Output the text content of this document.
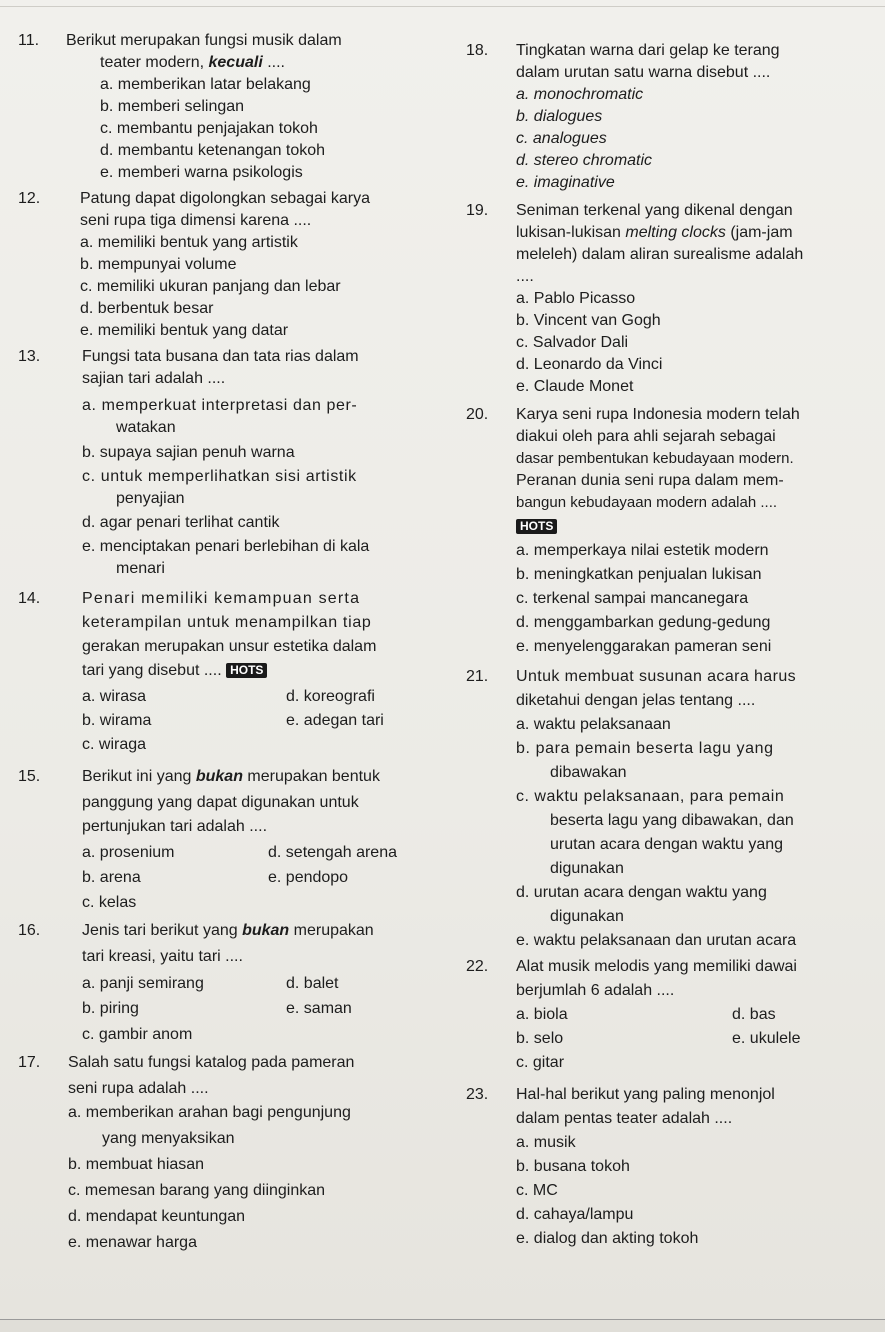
11. Berikut merupakan fungsi musik dalam
teater modern, kecuali ....
a. memberikan latar belakang
b. memberi selingan
c. membantu penjajakan tokoh
d. membantu ketenangan tokoh
e. memberi warna psikologis
12. Patung dapat digolongkan sebagai karya
seni rupa tiga dimensi karena ....
a. memiliki bentuk yang artistik
b. mempunyai volume
c. memiliki ukuran panjang dan lebar
d. berbentuk besar
e. memiliki bentuk yang datar
13.	Fungsi tata busana dan tata rias dalam
sajian tari adalah ....
a. memperkuat interpretasi dan per-
watakan
b. supaya sajian penuh warna
c. untuk memperlihatkan sisi artistik
penyajian
d. agar penari terlihat cantik
e. menciptakan penari berlebihan di kala
menari
14.	Penari memiliki kemampuan serta
keterampilan untuk menampilkan tiap
gerakan merupakan unsur estetika dalam
tari yang disebut .... HOTS
a. wirasa	d. koreografi
b. wirama	e. adegan tari
c. wiraga
15.	Berikut ini yang bukan merupakan bentuk
panggung yang dapat digunakan untuk
pertunjukan tari adalah ....
a. prosenium	d. setengah arena
b. arena	e. pendopo
c. kelas
16.	Jenis tari berikut yang bukan merupakan
tari kreasi, yaitu tari ....
a. panji semirang	d. balet
b. piring	e. saman
c. gambir anom
17. Salah satu fungsi katalog pada pameran
seni rupa adalah ....
a. memberikan arahan bagi pengunjung
yang menyaksikan
b. membuat hiasan
c. memesan barang yang diinginkan
d. mendapat keuntungan
e. menawar harga
18. Tingkatan warna dari gelap ke terang
dalam urutan satu warna disebut ....
a. monochromatic
b. dialogues
c. analogues
d. stereo chromatic
e. imaginative
19. Seniman terkenal yang dikenal dengan
lukisan-lukisan melting clocks (jam-jam
meleleh) dalam aliran surealisme adalah
....
a. Pablo Picasso
b. Vincent van Gogh
c. Salvador Dali
d. Leonardo da Vinci
e. Claude Monet
20. Karya seni rupa Indonesia modern telah
diakui oleh para ahli sejarah sebagai
dasar pembentukan kebudayaan modern.
Peranan dunia seni rupa dalam mem-
bangun kebudayaan modern adalah ....
HOTS
a. memperkaya nilai estetik modern
b. meningkatkan penjualan lukisan
c. terkenal sampai mancanegara
d. menggambarkan gedung-gedung
e. menyelenggarakan pameran seni
21. Untuk membuat susunan acara harus
diketahui dengan jelas tentang ....
a. waktu pelaksanaan
b. para pemain beserta lagu yang
dibawakan
c. waktu pelaksanaan, para pemain
beserta lagu yang dibawakan, dan
urutan acara dengan waktu yang
digunakan
d. urutan acara dengan waktu yang
digunakan
e. waktu pelaksanaan dan urutan acara
22. Alat musik melodis yang memiliki dawai
berjumlah 6 adalah ....
a. biola	d. bas
b. selo	e. ukulele
c. gitar
23. Hal-hal berikut yang paling menonjol
dalam pentas teater adalah ....
a. musik
b. busana tokoh
c. MC
d. cahaya/lampu
e. dialog dan akting tokoh
